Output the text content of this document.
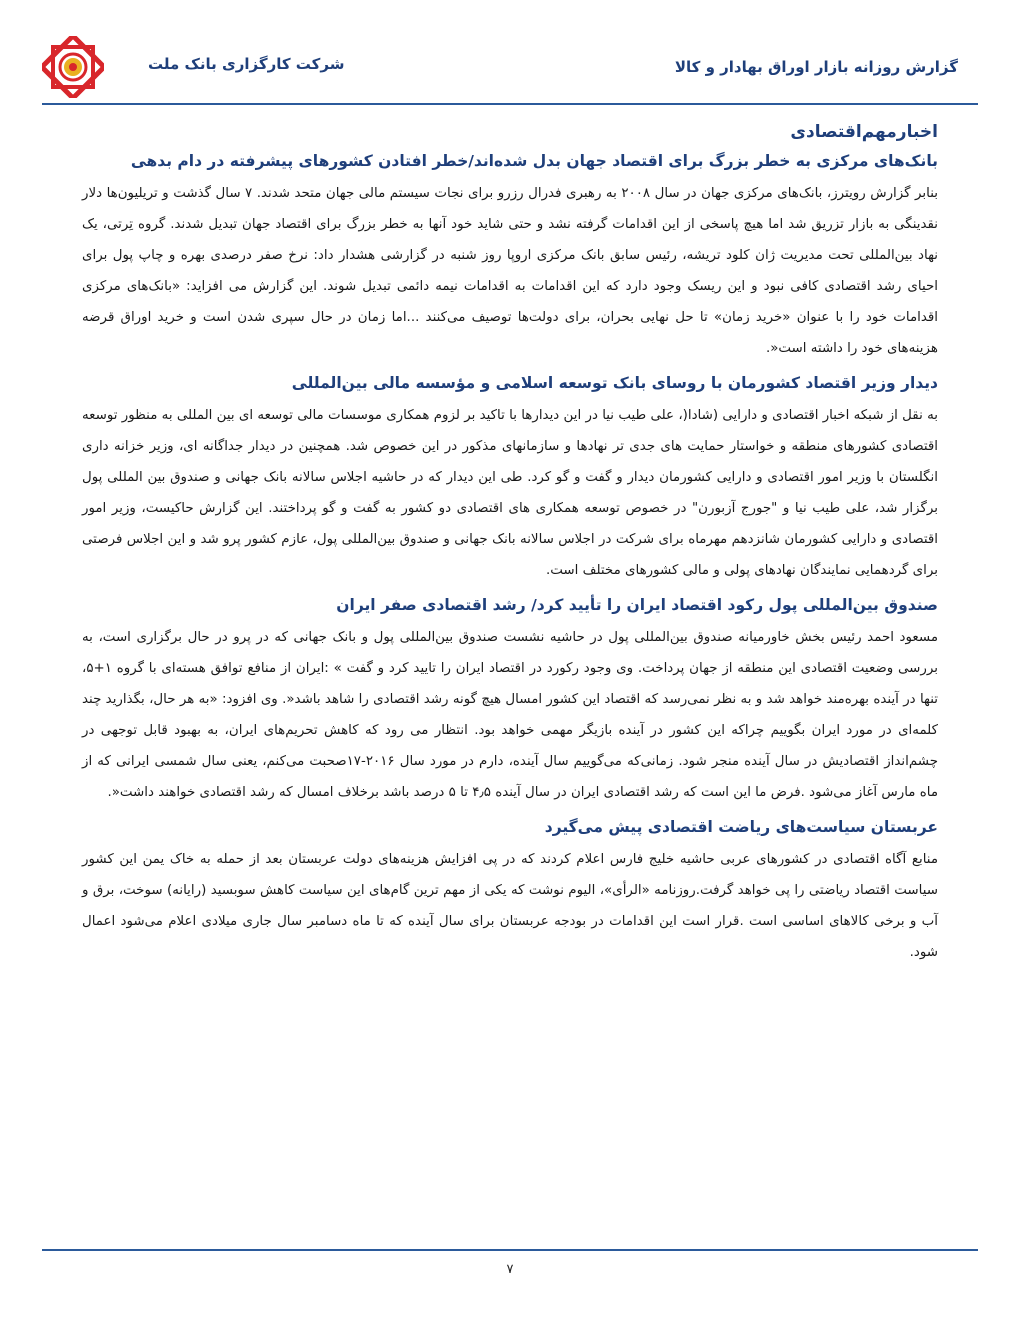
شرکت کارگزاری بانک ملت	گزارش روزانه بازار اوراق بهادار و کالا
اخبارمهم‌اقتصادی
بانک‌های مرکزی به خطر بزرگ برای اقتصاد جهان بدل شده‌اند/خطر افتادن کشورهای پیشرفته در دام بدهی

بنابر گزارش رویترز، بانک‌های مرکزی جهان در سال ۲۰۰۸ به رهبری فدرال رزرو برای نجات سیستم مالی جهان متحد شدند. ۷ سال گذشت و تریلیون‌ها دلار نقدینگی به بازار تزریق شد اما هیچ پاسخی از این اقدامات گرفته نشد و حتی شاید خود آنها به خطر بزرگ برای اقتصاد جهان تبدیل شدند. گروه تِرتی، یک نهاد بین‌المللی تحت مدیریت ژان کلود تریشه، رئیس سابق بانک مرکزی اروپا روز شنبه در گزارشی هشدار داد: نرخ صفر درصدی بهره و چاپ پول برای احیای رشد اقتصادی کافی نبود و این ریسک وجود دارد که این اقدامات به اقدامات نیمه دائمی تبدیل شوند. این گزارش می افزاید: «بانک‌های مرکزی اقدامات خود را با عنوان «خرید زمان» تا حل نهایی بحران، برای دولت‌ها توصیف می‌کنند ...اما زمان در حال سپری شدن است و خرید اوراق قرضه هزینه‌های خود را داشته است«.

دیدار وزیر اقتصاد کشورمان با روسای بانک توسعه اسلامی و مؤسسه مالی بین‌المللی

به نقل از شبکه اخبار اقتصادی و دارایی (شادا(، علی طیب نیا در این دیدارها با تاکید بر لزوم همکاری موسسات مالی توسعه ای بین المللی به منظور توسعه اقتصادی کشورهای منطقه و خواستار حمایت های جدی تر نهادها و سازمانهای مذکور در این خصوص شد. همچنین در دیدار جداگانه ای، وزیر خزانه داری انگلستان با وزیر امور اقتصادی و دارایی کشورمان دیدار و گفت و گو کرد. طی این دیدار که در حاشیه اجلاس سالانه بانک جهانی و صندوق بین المللی پول برگزار شد، علی طیب نیا و "جورج آزبورن" در خصوص توسعه همکاری های اقتصادی دو کشور به گفت و گو پرداختند. این گزارش حاکیست، وزیر امور اقتصادی و دارایی کشورمان شانزدهم مهرماه برای شرکت در اجلاس سالانه بانک جهانی و صندوق بین‌المللی پول، عازم کشور پرو شد و این اجلاس فرصتی برای گردهمایی نمایندگان نهادهای پولی و مالی کشورهای مختلف است.

صندوق بین‌المللی پول رکود اقتصاد ایران را تأیید کرد/ رشد اقتصادی صفر ایران

مسعود احمد رئیس بخش خاورمیانه صندوق بین‌المللی پول در حاشیه نشست صندوق بین‌المللی پول و بانک جهانی که در پرو در حال برگزاری است، به بررسی وضعیت اقتصادی این منطقه از جهان پرداخت. وی وجود رکورد در اقتصاد ایران را تایید کرد و گفت » :ایران از منافع توافق هسته‌ای با گروه ۱+۵، تنها در آینده بهره‌مند خواهد شد و به نظر نمی‌رسد که اقتصاد این کشور امسال هیچ گونه رشد اقتصادی را شاهد باشد«. وی افزود: «به هر حال، بگذارید چند کلمه‌ای در مورد ایران بگوییم چراکه این کشور در آینده بازیگر مهمی خواهد بود. انتظار می رود که کاهش تحریم‌های ایران، به بهبود قابل توجهی در چشم‌انداز اقتصادیش در سال آینده منجر شود. زمانی‌که می‌گوییم سال آینده، دارم در مورد سال ۲۰۱۶-۱۷صحبت می‌کنم، یعنی سال شمسی ایرانی که از ماه مارس آغاز می‌شود .فرض ما این است که رشد اقتصادی ایران در سال آینده ۴٫۵ تا ۵ درصد باشد برخلاف امسال که رشد اقتصادی خواهند داشت«.

عربستان سیاست‌های ریاضت اقتصادی پیش می‌گیرد

منابع آگاه اقتصادی در کشورهای عربی حاشیه خلیج فارس اعلام کردند که در پی افزایش هزینه‌های دولت عربستان بعد از حمله به خاک یمن این کشور سیاست اقتصاد ریاضتی را پی خواهد گرفت.روزنامه «الرأی»، الیوم نوشت که یکی از مهم ترین گام‌های این سیاست کاهش سوبسید (رایانه) سوخت، برق و آب و برخی کالاهای اساسی است .قرار است این اقدامات در بودجه عربستان برای سال آینده که تا ماه دسامبر سال جاری میلادی اعلام می‌شود اعمال شود.

۷
